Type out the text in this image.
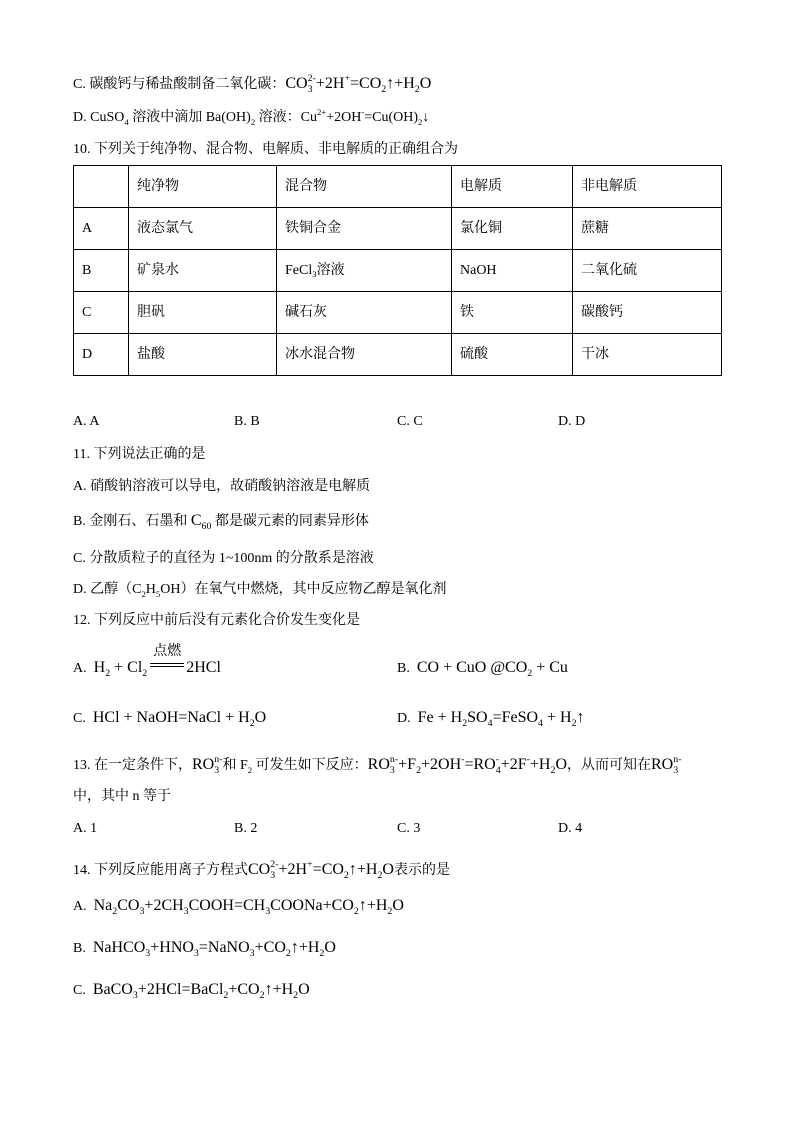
C. 碳酸钙与稀盐酸制备二氧化碳：CO 2-
$3 +2H^+=CO_2↑+H_2O$
D. CuSO$_4$ 溶液中滴加 $Ba(OH)_2$ 溶液：$Cu^{2+}+2OH^-=Cu(OH)_2↓$
10. 下列关于纯净物、混合物、电解质、非电解质的正确组合为
	纯净物	混合物	电解质	非电解质
A	液态氯气	铁铜合金	氯化铜	蔗糖
B	矿泉水	FeCl$_3$溶液	NaOH	二氧化硫
C	胆矾	碱石灰	铁	碳酸钙
D	盐酸	冰水混合物	硫酸	干冰
A. A	B. B	C. C	D. D
11. 下列说法正确的是
A. 硝酸钠溶液可以导电，故硝酸钠溶液是电解质
B. 金刚石、石墨和 $C_{60}$ 都是碳元素的同素异形体
C. 分散质粒子的直径为 1~100nm 的分散系是溶液
D. 乙醇$(C_2H_5OH)$在氧气中燃烧，其中反应物乙醇是氧化剂
12. 下列反应中前后没有元素化合价发生变化是
A.  $H_2 + Cl_2$
点燃
2HCl	B.  CO + CuO $@CO_2 + Cu$
C.  HCl + NaOH=NaCl + $H_2O$	D.  $Fe + H_2SO_4=FeSO_4$ + $H_2↑$
13. 在一定条件下，RO n-
3 和 $F_2$ 可发生如下反应：RO n-
$3 +F_2+2OH^-=RO$ -
$4 +2F^-+H_2O$，从而可知在RO n-
3
中，其中 n 等于
A. 1	B. 2	C. 3	D. 4
14. 下列反应能用离子方程式CO 2-
$3 +2H^+=CO_2↑+H_2O$表示的是
A.  $Na_2CO_3+2CH_3COOH=CH_3COONa+CO_2↑+H_2O$
B.  $NaHCO_3+HNO_3=NaNO_3+CO_2↑+H_2O$
C.  $BaCO_3+2HCl=BaCl_2+CO_2↑+H_2O$
